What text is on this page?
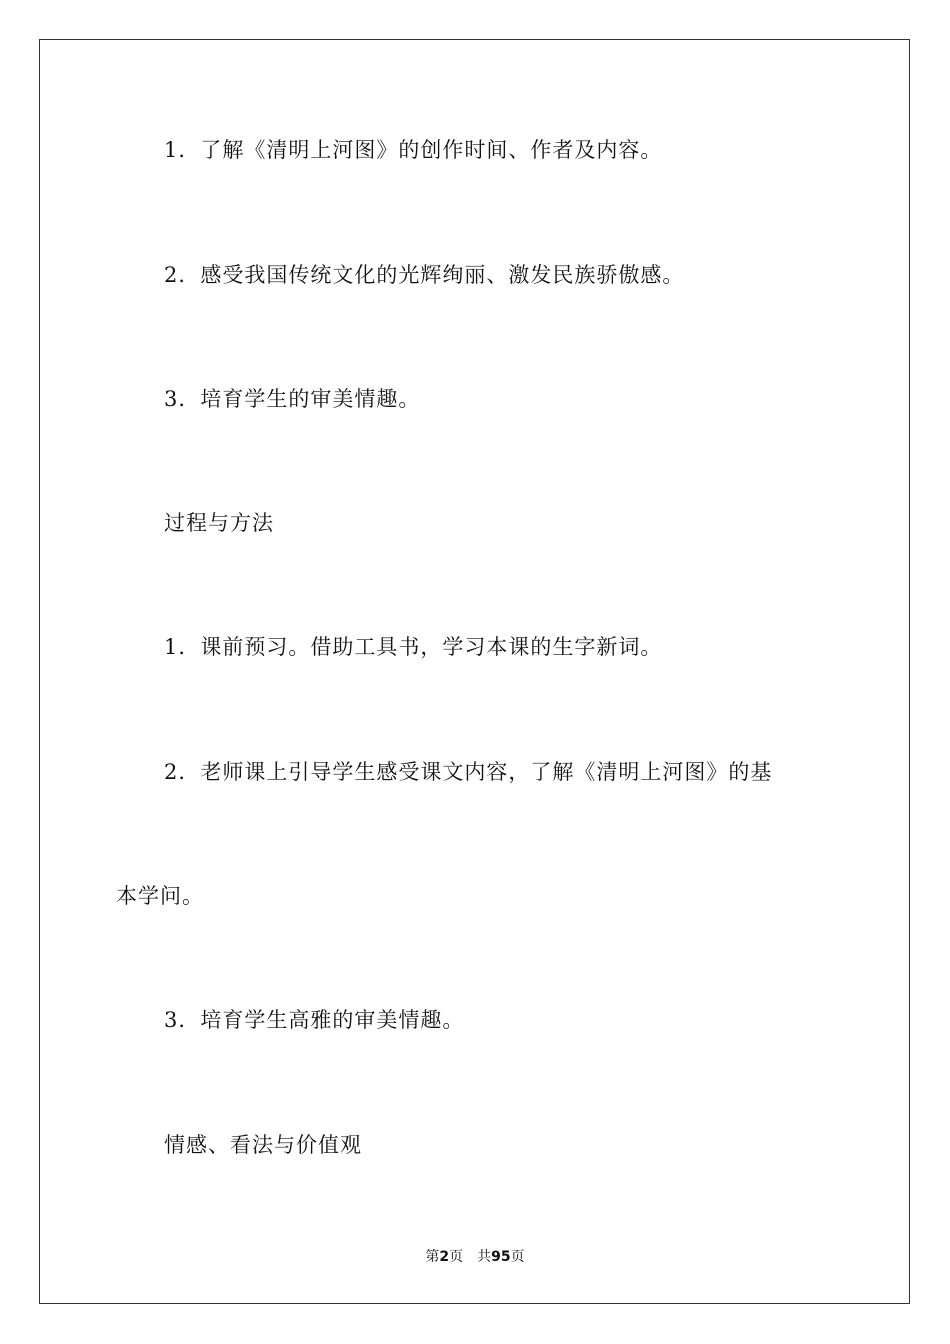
1．了解《清明上河图》的创作时间、作者及内容。
2．感受我国传统文化的光辉绚丽、激发民族骄傲感。
3．培育学生的审美情趣。
过程与方法
1．课前预习。借助工具书，学习本课的生字新词。
2．老师课上引导学生感受课文内容，了解《清明上河图》的基
本学问。
3．培育学生高雅的审美情趣。
情感、看法与价值观
第2页 共95页
